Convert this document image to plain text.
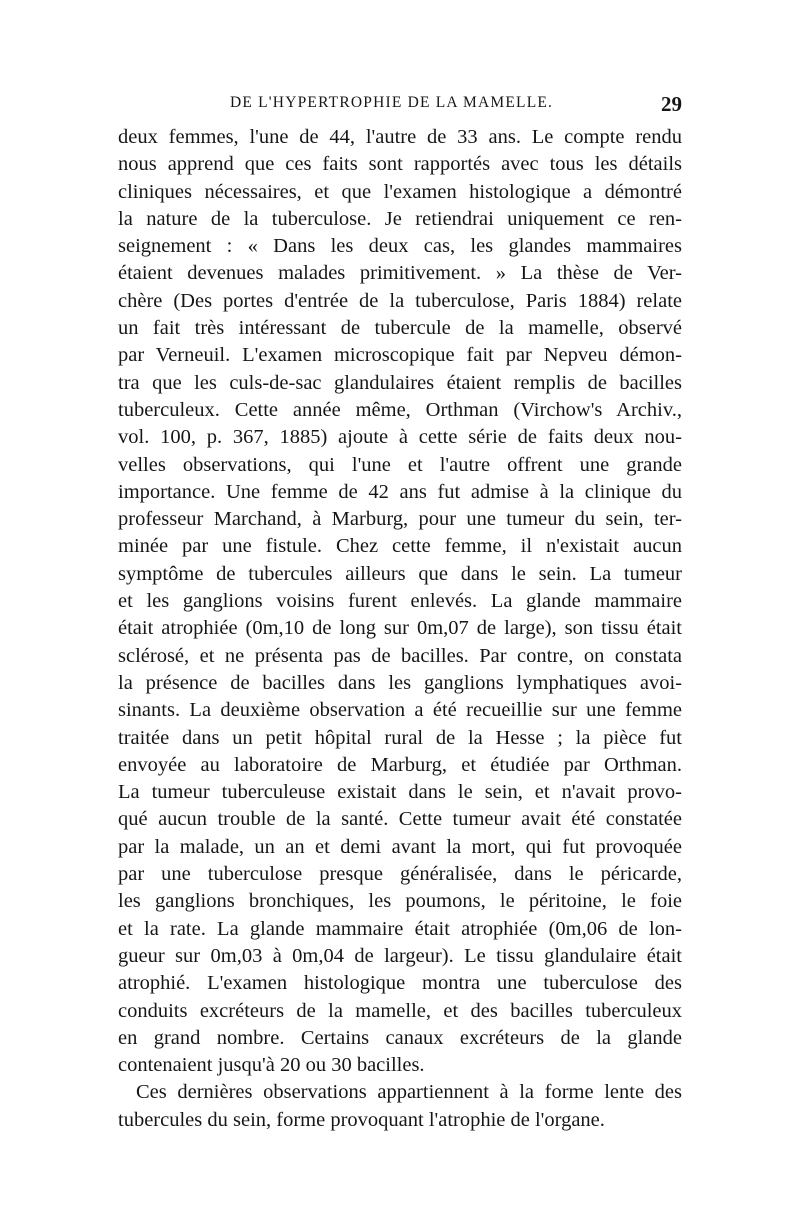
DE L'HYPERTROPHIE DE LA MAMELLE.	29
deux femmes, l'une de 44, l'autre de 33 ans. Le compte rendu
nous apprend que ces faits sont rapportés avec tous les détails
cliniques nécessaires, et que l'examen histologique a démontré
la nature de la tuberculose. Je retiendrai uniquement ce ren-
seignement : « Dans les deux cas, les glandes mammaires
étaient devenues malades primitivement. » La thèse de Ver-
chère (Des portes d'entrée de la tuberculose, Paris 1884) relate
un fait très intéressant de tubercule de la mamelle, observé
par Verneuil. L'examen microscopique fait par Nepveu démon-
tra que les culs-de-sac glandulaires étaient remplis de bacilles
tuberculeux. Cette année même, Orthman (Virchow's Archiv.,
vol. 100, p. 367, 1885) ajoute à cette série de faits deux nou-
velles observations, qui l'une et l'autre offrent une grande
importance. Une femme de 42 ans fut admise à la clinique du
professeur Marchand, à Marburg, pour une tumeur du sein, ter-
minée par une fistule. Chez cette femme, il n'existait aucun
symptôme de tubercules ailleurs que dans le sein. La tumeur
et les ganglions voisins furent enlevés. La glande mammaire
était atrophiée (0m,10 de long sur 0m,07 de large), son tissu était
sclérosé, et ne présenta pas de bacilles. Par contre, on constata
la présence de bacilles dans les ganglions lymphatiques avoi-
sinants. La deuxième observation a été recueillie sur une femme
traitée dans un petit hôpital rural de la Hesse ; la pièce fut
envoyée au laboratoire de Marburg, et étudiée par Orthman.
La tumeur tuberculeuse existait dans le sein, et n'avait provo-
qué aucun trouble de la santé. Cette tumeur avait été constatée
par la malade, un an et demi avant la mort, qui fut provoquée
par une tuberculose presque généralisée, dans le péricarde,
les ganglions bronchiques, les poumons, le péritoine, le foie
et la rate. La glande mammaire était atrophiée (0m,06 de lon-
gueur sur 0m,03 à 0m,04 de largeur). Le tissu glandulaire était
atrophié. L'examen histologique montra une tuberculose des
conduits excréteurs de la mamelle, et des bacilles tuberculeux
en grand nombre. Certains canaux excréteurs de la glande
contenaient jusqu'à 20 ou 30 bacilles.
Ces dernières observations appartiennent à la forme lente des
tubercules du sein, forme provoquant l'atrophie de l'organe.
